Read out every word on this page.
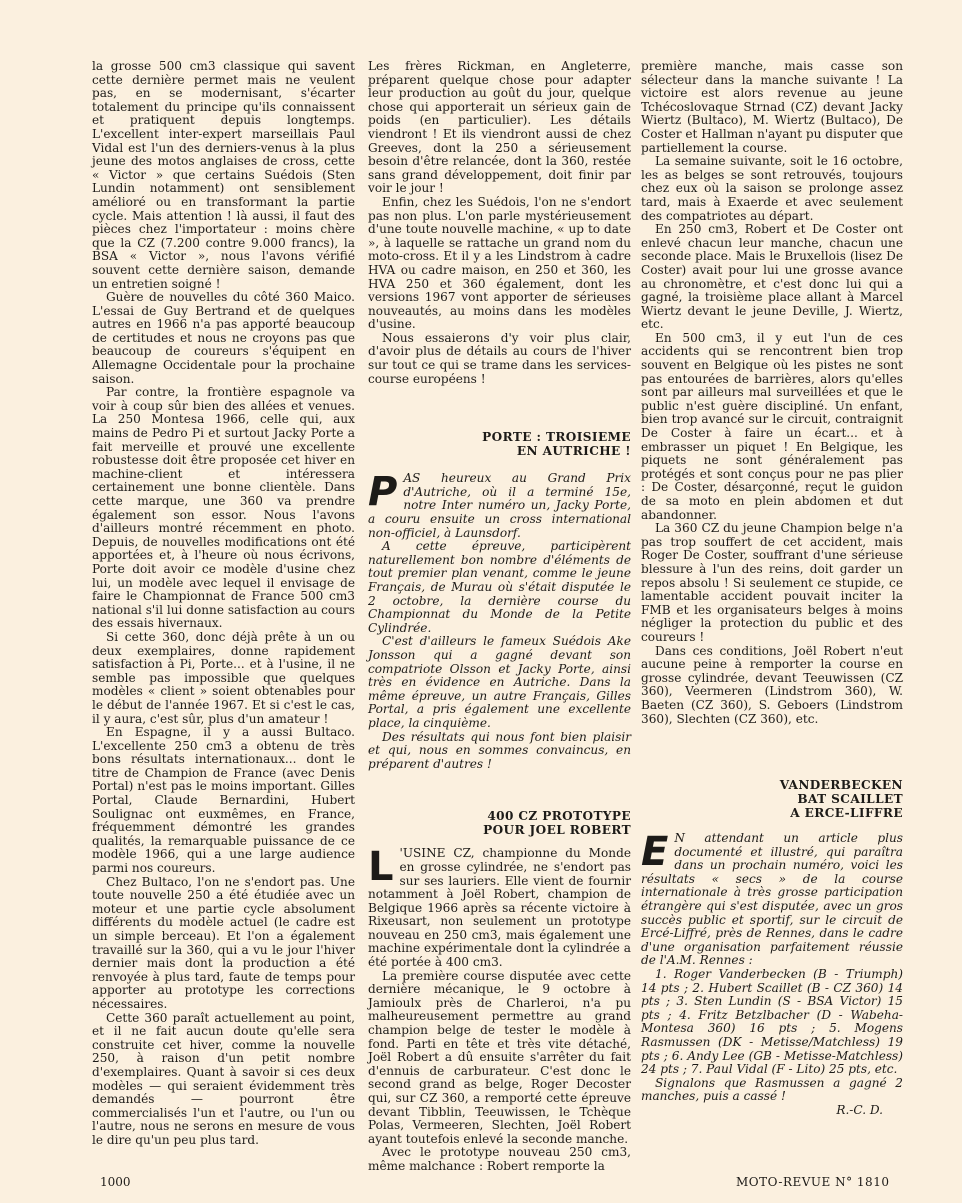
la grosse 500 cm3 classique qui savent cette dernière permet mais ne veulent pas, en se modernisant, s'écarter totalement du principe qu'ils connaissent et pratiquent depuis longtemps. L'excellent inter-expert marseillais Paul Vidal est l'un des derniers-venus à la plus jeune des motos anglaises de cross, cette « Victor » que certains Suédois (Sten Lundin notamment) ont sensiblement amélioré ou en transformant la partie cycle. Mais attention ! là aussi, il faut des pièces chez l'importateur : moins chère que la CZ (7.200 contre 9.000 francs), la BSA « Victor », nous l'avons vérifié souvent cette dernière saison, demande un entretien soigné !

Guère de nouvelles du côté 360 Maico. L'essai de Guy Bertrand et de quelques autres en 1966 n'a pas apporté beaucoup de certitudes et nous ne croyons pas que beaucoup de coureurs s'équipent en Allemagne Occidentale pour la prochaine saison.

Par contre, la frontière espagnole va voir à coup sûr bien des allées et venues. La 250 Montesa 1966, celle qui, aux mains de Pedro Pi et surtout Jacky Porte a fait merveille et prouvé une excellente robustesse doit être proposée cet hiver en machine-client et intéressera certainement une bonne clientèle. Dans cette marque, une 360 va prendre également son essor. Nous l'avons d'ailleurs montré récemment en photo. Depuis, de nouvelles modifications ont été apportées et, à l'heure où nous écrivons, Porte doit avoir ce modèle d'usine chez lui, un modèle avec lequel il envisage de faire le Championnat de France 500 cm3 national s'il lui donne satisfaction au cours des essais hivernaux.

Si cette 360, donc déjà prête à un ou deux exemplaires, donne rapidement satisfaction à Pi, Porte... et à l'usine, il ne semble pas impossible que quelques modèles « client » soient obtenables pour le début de l'année 1967. Et si c'est le cas, il y aura, c'est sûr, plus d'un amateur !

En Espagne, il y a aussi Bultaco. L'excellente 250 cm3 a obtenu de très bons résultats internationaux... dont le titre de Champion de France (avec Denis Portal) n'est pas le moins important. Gilles Portal, Claude Bernardini, Hubert Soulignac ont euxmêmes, en France, fréquemment démontré les grandes qualités, la remarquable puissance de ce modèle 1966, qui a une large audience parmi nos coureurs.

Chez Bultaco, l'on ne s'endort pas. Une toute nouvelle 250 a été étudiée avec un moteur et une partie cycle absolument différents du modèle actuel (le cadre est un simple berceau). Et l'on a également travaillé sur la 360, qui a vu le jour l'hiver dernier mais dont la production a été renvoyée à plus tard, faute de temps pour apporter au prototype les corrections nécessaires.

Cette 360 paraît actuellement au point, et il ne fait aucun doute qu'elle sera construite cet hiver, comme la nouvelle 250, à raison d'un petit nombre d'exemplaires. Quant à savoir si ces deux modèles — qui seraient évidemment très demandés — pourront être commercialisés l'un et l'autre, ou l'un ou l'autre, nous ne serons en mesure de vous le dire qu'un peu plus tard.

Les frères Rickman, en Angleterre, préparent quelque chose pour adapter leur production au goût du jour, quelque chose qui apporterait un sérieux gain de poids (en particulier). Les détails viendront ! Et ils viendront aussi de chez Greeves, dont la 250 a sérieusement besoin d'être relancée, dont la 360, restée sans grand développement, doit finir par voir le jour !

Enfin, chez les Suédois, l'on ne s'endort pas non plus. L'on parle mystérieusement d'une toute nouvelle machine, « up to date », à laquelle se rattache un grand nom du moto-cross. Et il y a les Lindstrom à cadre HVA ou cadre maison, en 250 et 360, les HVA 250 et 360 également, dont les versions 1967 vont apporter de sérieuses nouveautés, au moins dans les modèles d'usine.

Nous essaierons d'y voir plus clair, d'avoir plus de détails au cours de l'hiver sur tout ce qui se trame dans les services-course européens !

PORTE : TROISIEME
EN AUTRICHE !

PAS heureux au Grand Prix d'Autriche, où il a terminé 15e, notre Inter numéro un, Jacky Porte, a couru ensuite un cross international non-officiel, à Launsdorf.

A cette épreuve, participèrent naturellement bon nombre d'éléments de tout premier plan venant, comme le jeune Français, de Murau où s'était disputée le 2 octobre, la dernière course du Championnat du Monde de la Petite Cylindrée.

C'est d'ailleurs le fameux Suédois Ake Jonsson qui a gagné devant son compatriote Olsson et Jacky Porte, ainsi très en évidence en Autriche. Dans la même épreuve, un autre Français, Gilles Portal, a pris également une excellente place, la cinquième.

Des résultats qui nous font bien plaisir et qui, nous en sommes convaincus, en préparent d'autres !

400 CZ PROTOTYPE
POUR JOEL ROBERT

L 'USINE CZ, championne du Monde en grosse cylindrée, ne s'endort pas sur ses lauriers. Elle vient de fournir notamment à Joël Robert, champion de Belgique 1966 après sa récente victoire à Rixeusart, non seulement un prototype nouveau en 250 cm3, mais également une machine expérimentale dont la cylindrée a été portée à 400 cm3.

La première course disputée avec cette dernière mécanique, le 9 octobre à Jamioulx près de Charleroi, n'a pu malheureusement permettre au grand champion belge de tester le modèle à fond. Parti en tête et très vite détaché, Joël Robert a dû ensuite s'arrêter du fait d'ennuis de carburateur. C'est donc le second grand as belge, Roger Decoster qui, sur CZ 360, a remporté cette épreuve devant Tibblin, Teeuwissen, le Tchèque Polas, Vermeeren, Slechten, Joël Robert ayant toutefois enlevé la seconde manche.

Avec le prototype nouveau 250 cm3, même malchance : Robert remporte la

première manche, mais casse son sélecteur dans la manche suivante ! La victoire est alors revenue au jeune Tchécoslovaque Strnad (CZ) devant Jacky Wiertz (Bultaco), M. Wiertz (Bultaco), De Coster et Hallman n'ayant pu disputer que partiellement la course.

La semaine suivante, soit le 16 octobre, les as belges se sont retrouvés, toujours chez eux où la saison se prolonge assez tard, mais à Exaerde et avec seulement des compatriotes au départ.

En 250 cm3, Robert et De Coster ont enlevé chacun leur manche, chacun une seconde place. Mais le Bruxellois (lisez De Coster) avait pour lui une grosse avance au chronomètre, et c'est donc lui qui a gagné, la troisième place allant à Marcel Wiertz devant le jeune Deville, J. Wiertz, etc.

En 500 cm3, il y eut l'un de ces accidents qui se rencontrent bien trop souvent en Belgique où les pistes ne sont pas entourées de barrières, alors qu'elles sont par ailleurs mal surveillées et que le public n'est guère discipliné. Un enfant, bien trop avancé sur le circuit, contraignit De Coster à faire un écart... et à embrasser un piquet ! En Belgique, les piquets ne sont généralement pas protégés et sont conçus pour ne pas plier : De Coster, désarçonné, reçut le guidon de sa moto en plein abdomen et dut abandonner.

La 360 CZ du jeune Champion belge n'a pas trop souffert de cet accident, mais Roger De Coster, souffrant d'une sérieuse blessure à l'un des reins, doit garder un repos absolu ! Si seulement ce stupide, ce lamentable accident pouvait inciter la FMB et les organisateurs belges à moins négliger la protection du public et des coureurs !

Dans ces conditions, Joël Robert n'eut aucune peine à remporter la course en grosse cylindrée, devant Teeuwissen (CZ 360), Veermeren (Lindstrom 360), W. Baeten (CZ 360), S. Geboers (Lindstrom 360), Slechten (CZ 360), etc.

VANDERBECKEN
BAT SCAILLET
A ERCE-LIFFRE

E N attendant un article plus documenté et illustré, qui paraîtra dans un prochain numéro, voici les résultats « secs » de la course internationale à très grosse participation étrangère qui s'est disputée, avec un gros succès public et sportif, sur le circuit de Ercé-Liffré, près de Rennes, dans le cadre d'une organisation parfaitement réussie de l'A.M. Rennes :

1. Roger Vanderbecken (B - Triumph) 14 pts ; 2. Hubert Scaillet (B - CZ 360) 14 pts ; 3. Sten Lundin (S - BSA Victor) 15 pts ; 4. Fritz Betzlbacher (D - Wabeha-Montesa 360) 16 pts ; 5. Mogens Rasmussen (DK - Metisse/Matchless) 19 pts ; 6. Andy Lee (GB - Metisse-Matchless) 24 pts ; 7. Paul Vidal (F - Lito) 25 pts, etc.

Signalons que Rasmussen a gagné 2 manches, puis a cassé !

R.-C. D.

1000	MOTO-REVUE N° 1810
